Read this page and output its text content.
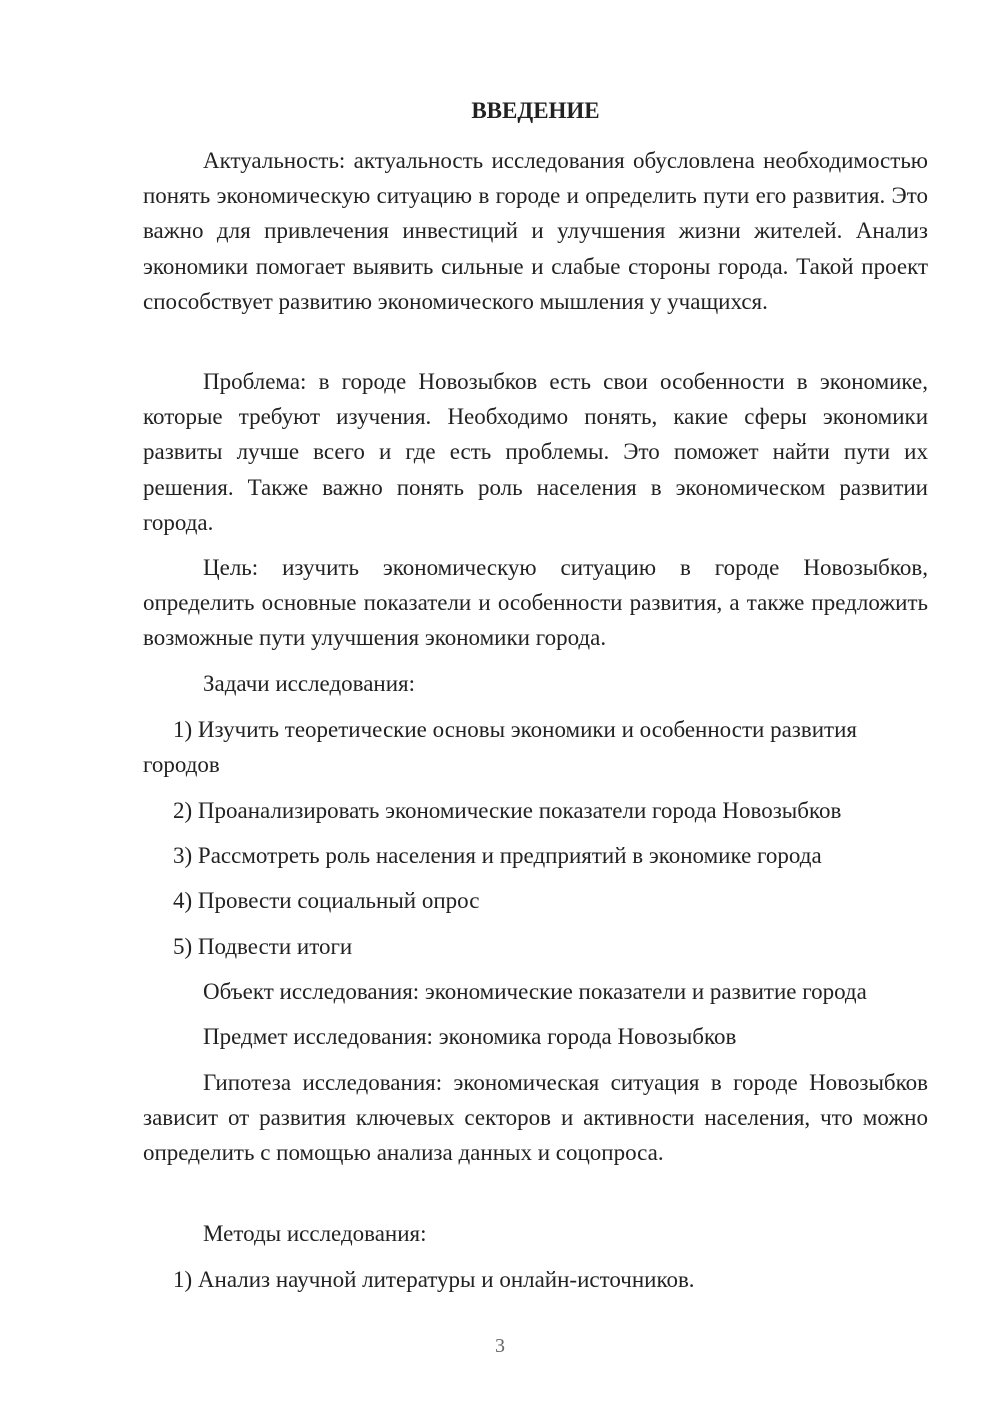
ВВЕДЕНИЕ
Актуальность: актуальность исследования обусловлена необходимостью понять экономическую ситуацию в городе и определить пути его развития. Это важно для привлечения инвестиций и улучшения жизни жителей. Анализ экономики помогает выявить сильные и слабые стороны города. Такой проект способствует развитию экономического мышления у учащихся.
Проблема: в городе Новозыбков есть свои особенности в экономике, которые требуют изучения. Необходимо понять, какие сферы экономики развиты лучше всего и где есть проблемы. Это поможет найти пути их решения. Также важно понять роль населения в экономическом развитии города.
Цель: изучить экономическую ситуацию в городе Новозыбков, определить основные показатели и особенности развития, а также предложить возможные пути улучшения экономики города.
Задачи исследования:
1) Изучить теоретические основы экономики и особенности развития городов
2) Проанализировать экономические показатели города Новозыбков
3) Рассмотреть роль населения и предприятий в экономике города
4) Провести социальный опрос
5) Подвести итоги
Объект исследования: экономические показатели и развитие города
Предмет исследования: экономика города Новозыбков
Гипотеза исследования: экономическая ситуация в городе Новозыбков зависит от развития ключевых секторов и активности населения, что можно определить с помощью анализа данных и соцопроса.
Методы исследования:
1) Анализ научной литературы и онлайн-источников.
3
